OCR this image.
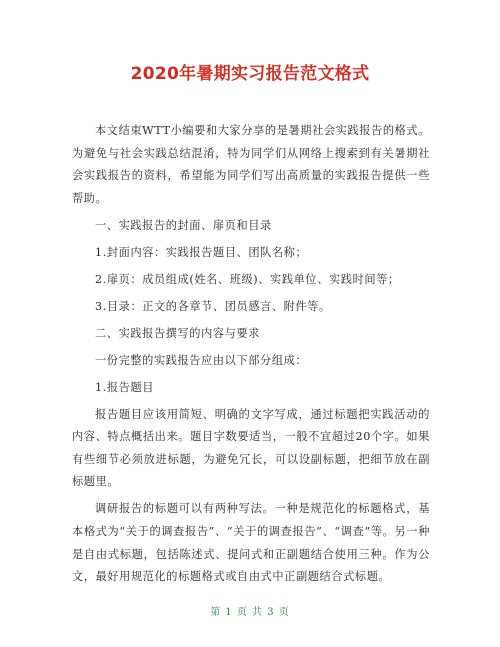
2020年暑期实习报告范文格式

本文结束WTT小编要和大家分享的是暑期社会实践报告的格式。为避免与社会实践总结混淆，特为同学们从网络上搜索到有关暑期社会实践报告的资料，希望能为同学们写出高质量的实践报告提供一些帮助。

一、实践报告的封面、扉页和目录

1.封面内容：实践报告题目、团队名称；

2.扉页：成员组成(姓名、班级)、实践单位、实践时间等；

3.目录：正文的各章节、团员感言、附件等。

二、实践报告撰写的内容与要求

一份完整的实践报告应由以下部分组成：

1.报告题目

报告题目应该用简短、明确的文字写成，通过标题把实践活动的内容、特点概括出来。题目字数要适当，一般不宜超过20个字。如果有些细节必须放进标题，为避免冗长，可以设副标题，把细节放在副标题里。

调研报告的标题可以有两种写法。一种是规范化的标题格式，基本格式为“关于的调查报告”、“关于的调查报告”、“调查”等。另一种是自由式标题，包括陈述式、提问式和正副题结合使用三种。作为公文，最好用规范化的标题格式或自由式中正副题结合式标题。

第 1 页 共 3 页
